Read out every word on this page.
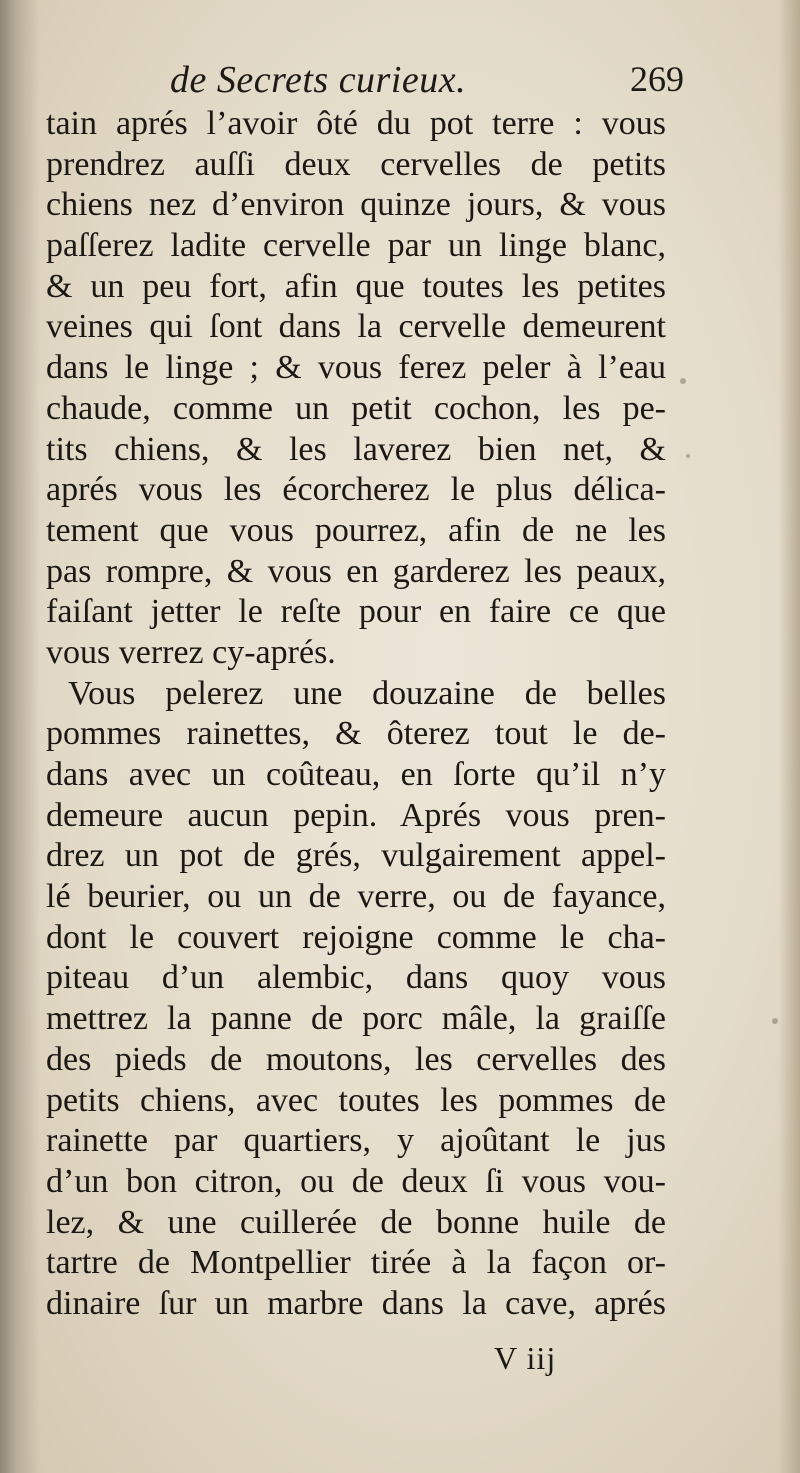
de Secrets curieux.	269
tain aprés l’avoir ôté du pot terre : vous
prendrez auſſi deux cervelles de petits
chiens nez d’environ quinze jours, & vous
paſſerez ladite cervelle par un linge blanc,
& un peu fort, afin que toutes les petites
veines qui ſont dans la cervelle demeurent
dans le linge ; & vous ferez peler à l’eau
chaude, comme un petit cochon, les pe-
tits chiens, & les laverez bien net, &
aprés vous les écorcherez le plus délica-
tement que vous pourrez, afin de ne les
pas rompre, & vous en garderez les peaux,
faiſant jetter le reſte pour en faire ce que
vous verrez cy-aprés.
Vous pelerez une douzaine de belles
pommes rainettes, & ôterez tout le de-
dans avec un coûteau, en ſorte qu’il n’y
demeure aucun pepin. Aprés vous pren-
drez un pot de grés, vulgairement appel-
lé beurier, ou un de verre, ou de fayance,
dont le couvert rejoigne comme le cha-
piteau d’un alembic, dans quoy vous
mettrez la panne de porc mâle, la graiſſe
des pieds de moutons, les cervelles des
petits chiens, avec toutes les pommes de
rainette par quartiers, y ajoûtant le jus
d’un bon citron, ou de deux ſi vous vou-
lez, & une cuillerée de bonne huile de
tartre de Montpellier tirée à la façon or-
dinaire ſur un marbre dans la cave, aprés
V iij
